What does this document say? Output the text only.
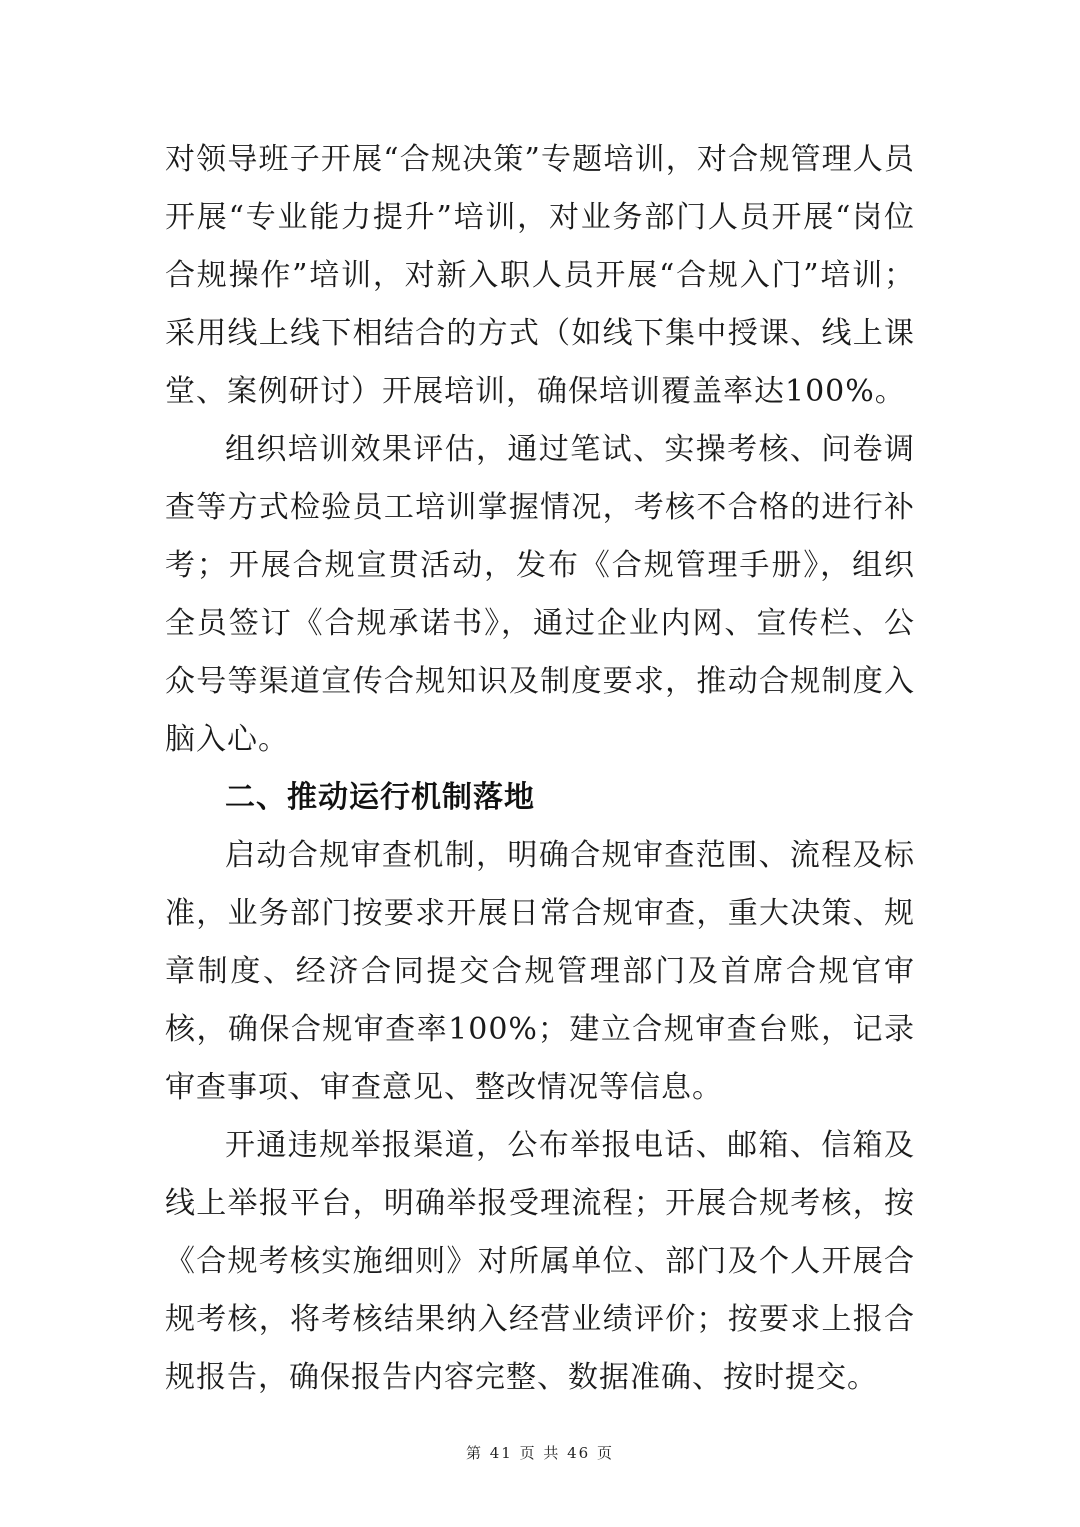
对领导班子开展“合规决策”专题培训，对合规管理人员开展“专业能力提升”培训，对业务部门人员开展“岗位合规操作”培训，对新入职人员开展“合规入门”培训；采用线上线下相结合的方式（如线下集中授课、线上课堂、案例研讨）开展培训，确保培训覆盖率达100%。

组织培训效果评估，通过笔试、实操考核、问卷调查等方式检验员工培训掌握情况，考核不合格的进行补考；开展合规宣贯活动，发布《合规管理手册》，组织全员签订《合规承诺书》，通过企业内网、宣传栏、公众号等渠道宣传合规知识及制度要求，推动合规制度入脑入心。

二、推动运行机制落地

启动合规审查机制，明确合规审查范围、流程及标准，业务部门按要求开展日常合规审查，重大决策、规章制度、经济合同提交合规管理部门及首席合规官审核，确保合规审查率100%；建立合规审查台账，记录审查事项、审查意见、整改情况等信息。

开通违规举报渠道，公布举报电话、邮箱、信箱及线上举报平台，明确举报受理流程；开展合规考核，按《合规考核实施细则》对所属单位、部门及个人开展合规考核，将考核结果纳入经营业绩评价；按要求上报合规报告，确保报告内容完整、数据准确、按时提交。

第 41 页 共 46 页
